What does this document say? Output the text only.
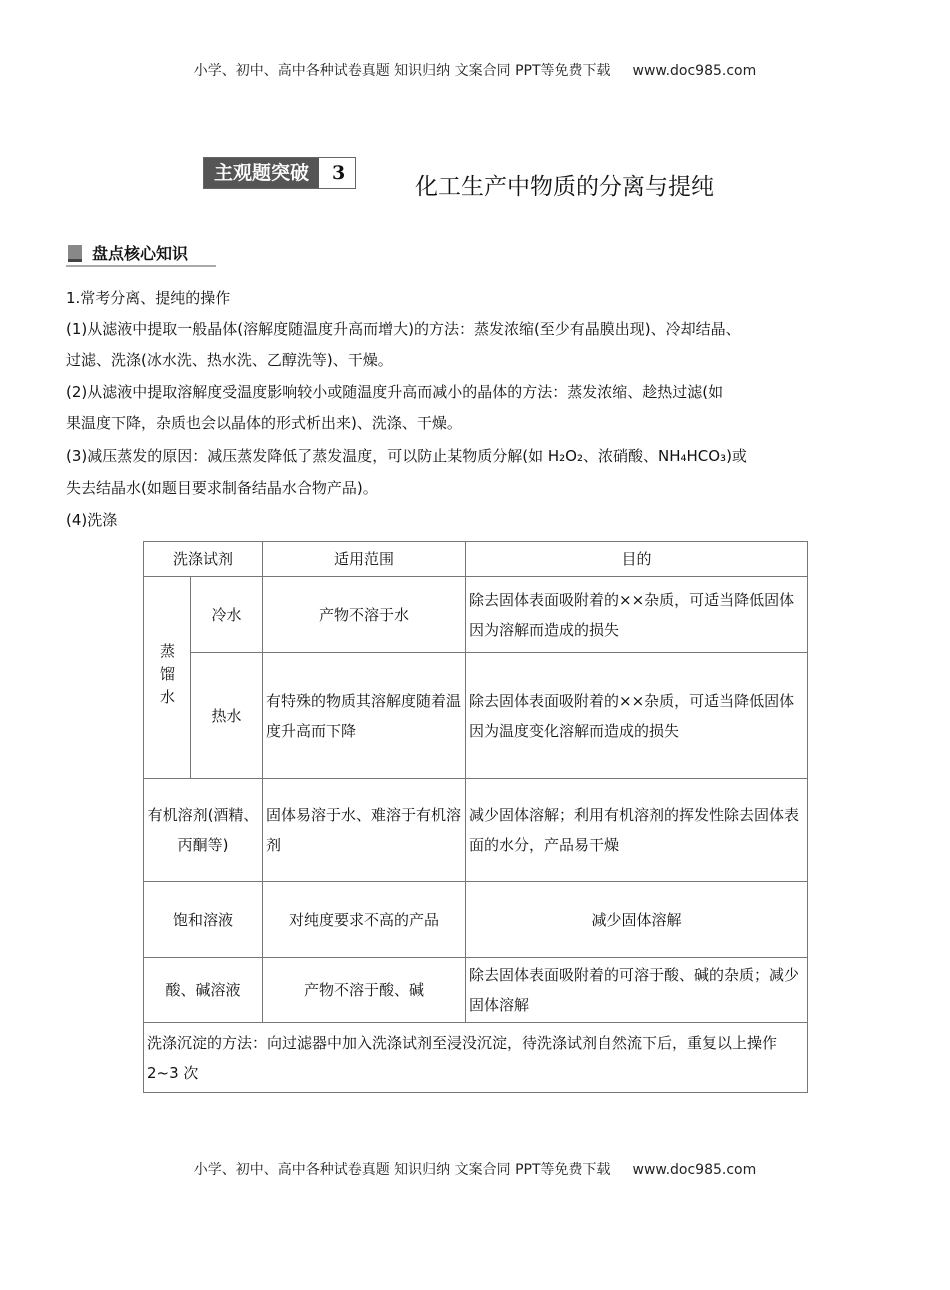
小学、初中、高中各种试卷真题 知识归纳 文案合同 PPT等免费下载 www.doc985.com
主观题突破	3
化工生产中物质的分离与提纯
盘点核心知识
1.常考分离、提纯的操作
(1)从滤液中提取一般晶体(溶解度随温度升高而增大)的方法：蒸发浓缩(至少有晶膜出现)、冷却结晶、
过滤、洗涤(冰水洗、热水洗、乙醇洗等)、干燥。
(2)从滤液中提取溶解度受温度影响较小或随温度升高而减小的晶体的方法：蒸发浓缩、趁热过滤(如
果温度下降，杂质也会以晶体的形式析出来)、洗涤、干燥。
(3)减压蒸发的原因：减压蒸发降低了蒸发温度，可以防止某物质分解(如 H₂O₂、浓硝酸、NH₄HCO₃)或
失去结晶水(如题目要求制备结晶水合物产品)。
(4)洗涤
洗涤试剂		适用范围	目的
蒸馏水	冷水	产物不溶于水	除去固体表面吸附着的××杂质，可适当降低固体因为溶解而造成的损失
	热水	有特殊的物质其溶解度随着温度升高而下降	除去固体表面吸附着的××杂质，可适当降低固体因为温度变化溶解而造成的损失
有机溶剂(酒精、丙酮等)		固体易溶于水、难溶于有机溶剂	减少固体溶解；利用有机溶剂的挥发性除去固体表面的水分，产品易干燥
饱和溶液		对纯度要求不高的产品	减少固体溶解
酸、碱溶液		产物不溶于酸、碱	除去固体表面吸附着的可溶于酸、碱的杂质；减少固体溶解
洗涤沉淀的方法：向过滤器中加入洗涤试剂至浸没沉淀，待洗涤试剂自然流下后，重复以上操作 2~3 次			
小学、初中、高中各种试卷真题 知识归纳 文案合同 PPT等免费下载 www.doc985.com
